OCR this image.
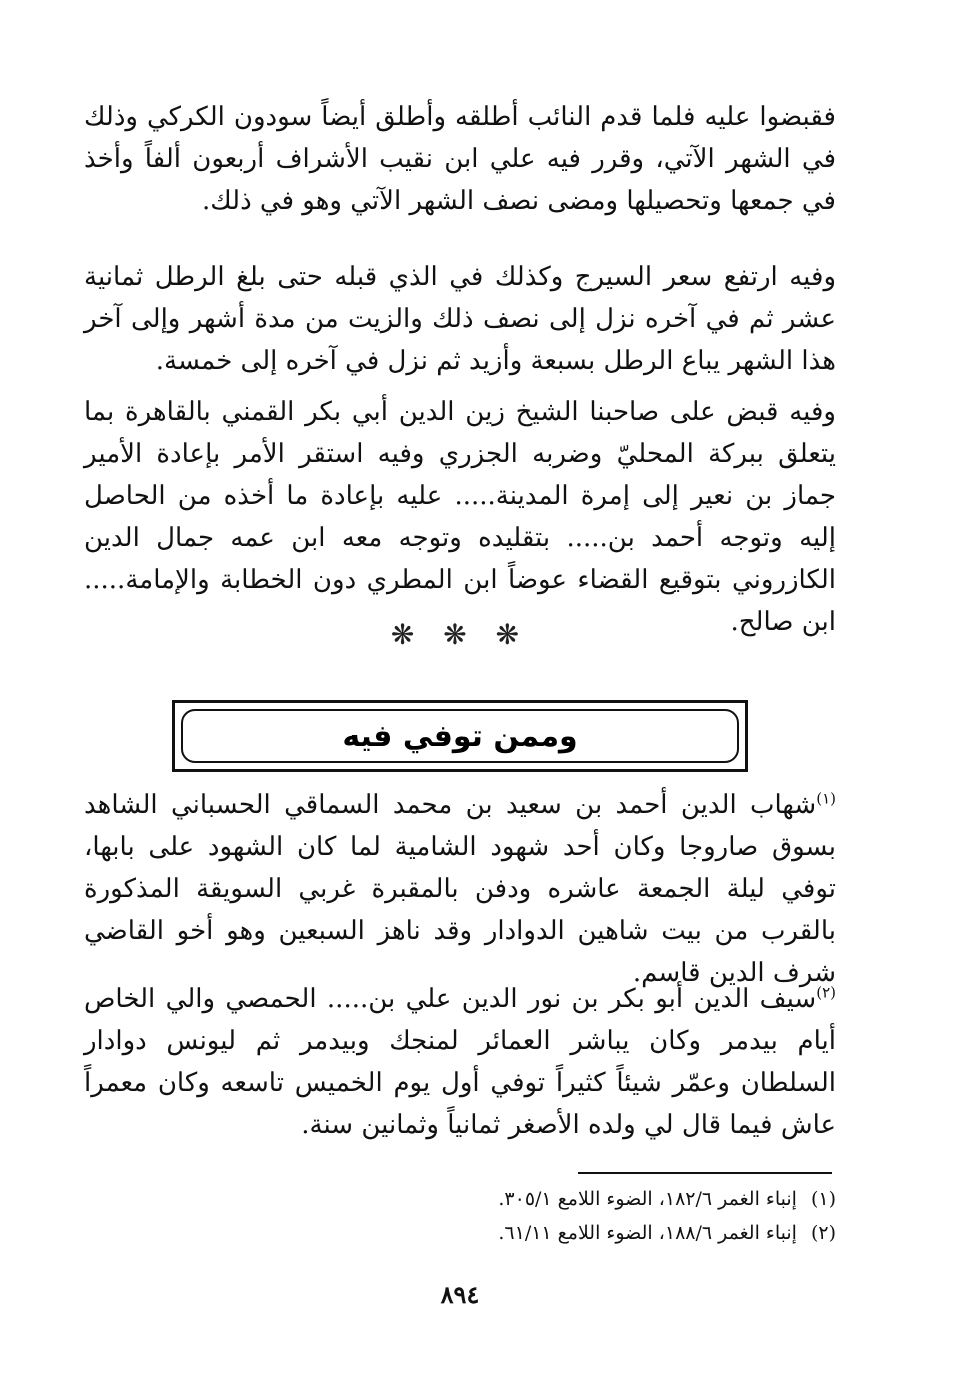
فقبضوا عليه فلما قدم النائب أطلقه وأطلق أيضاً سودون الكركي وذلك في الشهر الآتي، وقرر فيه علي ابن نقيب الأشراف أربعون ألفاً وأخذ في جمعها وتحصيلها ومضى نصف الشهر الآتي وهو في ذلك.

وفيه ارتفع سعر السيرج وكذلك في الذي قبله حتى بلغ الرطل ثمانية عشر ثم في آخره نزل إلى نصف ذلك والزيت من مدة أشهر وإلى آخر هذا الشهر يباع الرطل بسبعة وأزيد ثم نزل في آخره إلى خمسة.

وفيه قبض على صاحبنا الشيخ زين الدين أبي بكر القمني بالقاهرة بما يتعلق ببركة المحليّ وضربه الجزري وفيه استقر الأمر بإعادة الأمير جماز بن نعير إلى إمرة المدينة..... عليه بإعادة ما أخذه من الحاصل إليه وتوجه أحمد بن..... بتقليده وتوجه معه ابن عمه جمال الدين الكازروني بتوقيع القضاء عوضاً ابن المطري دون الخطابة والإمامة..... ابن صالح.

❋ ❋ ❋
وممن توفي فيه

$^{(١)}$شهاب الدين أحمد بن سعيد بن محمد السماقي الحسباني الشاهد بسوق صاروجا وكان أحد شهود الشامية لما كان الشهود على بابها، توفي ليلة الجمعة عاشره ودفن بالمقبرة غربي السويقة المذكورة بالقرب من بيت شاهين الدوادار وقد ناهز السبعين وهو أخو القاضي شرف الدين قاسم.

$^{(٢)}$سيف الدين أبو بكر بن نور الدين علي بن..... الحمصي والي الخاص أيام بيدمر وكان يباشر العمائر لمنجك وبيدمر ثم ليونس دوادار السلطان وعمّر شيئاً كثيراً توفي أول يوم الخميس تاسعه وكان معمراً عاش فيما قال لي ولده الأصغر ثمانياً وثمانين سنة.

(١)إنباء الغمر ١٨٢/٦، الضوء اللامع ٣٠٥/١.

(٢)إنباء الغمر ١٨٨/٦، الضوء اللامع ٦١/١١.

٨٩٤
